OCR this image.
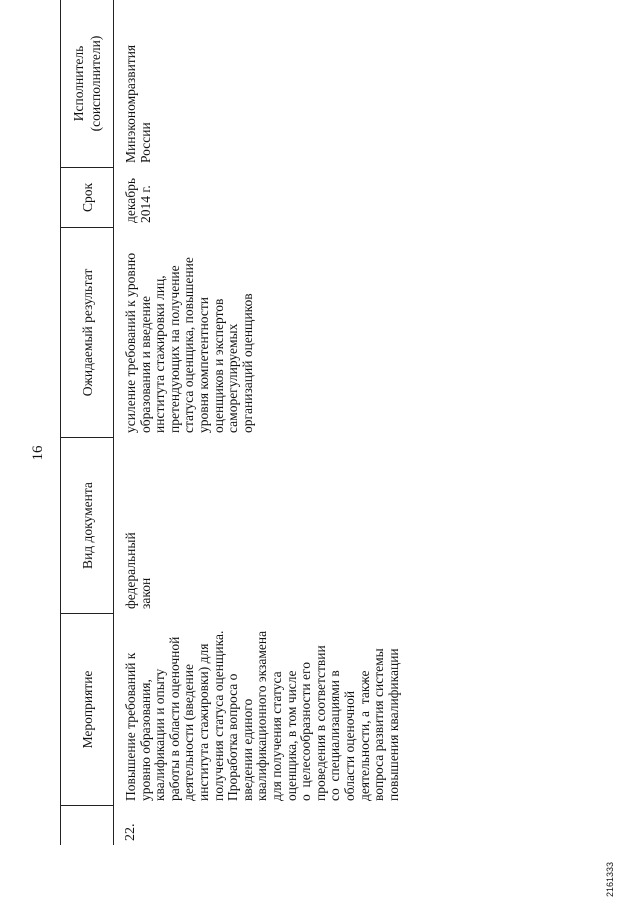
16
Мероприятие
Вид документа
Ожидаемый результат
Срок
Исполнитель
(соисполнители)
22.
Повышение требований к
уровню образования,
квалификации и опыту
работы в области оценочной
деятельности (введение
института стажировки) для
получения статуса оценщика.
Проработка вопроса о
введении единого
квалификационного экзамена
для получения статуса
оценщика, в том числе
о  целесообразности его
проведения в соответствии
со  специализациями в
области оценочной
деятельности, а  также
вопроса развития системы
повышения квалификации
федеральный
закон
усиление требований к уровню
образования и введение
института стажировки лиц,
претендующих на получение
статуса оценщика, повышение
уровня компетентности
оценщиков и экспертов
саморегулируемых
организаций оценщиков
декабрь
2014 г.
Минэкономразвития
России
2161333
